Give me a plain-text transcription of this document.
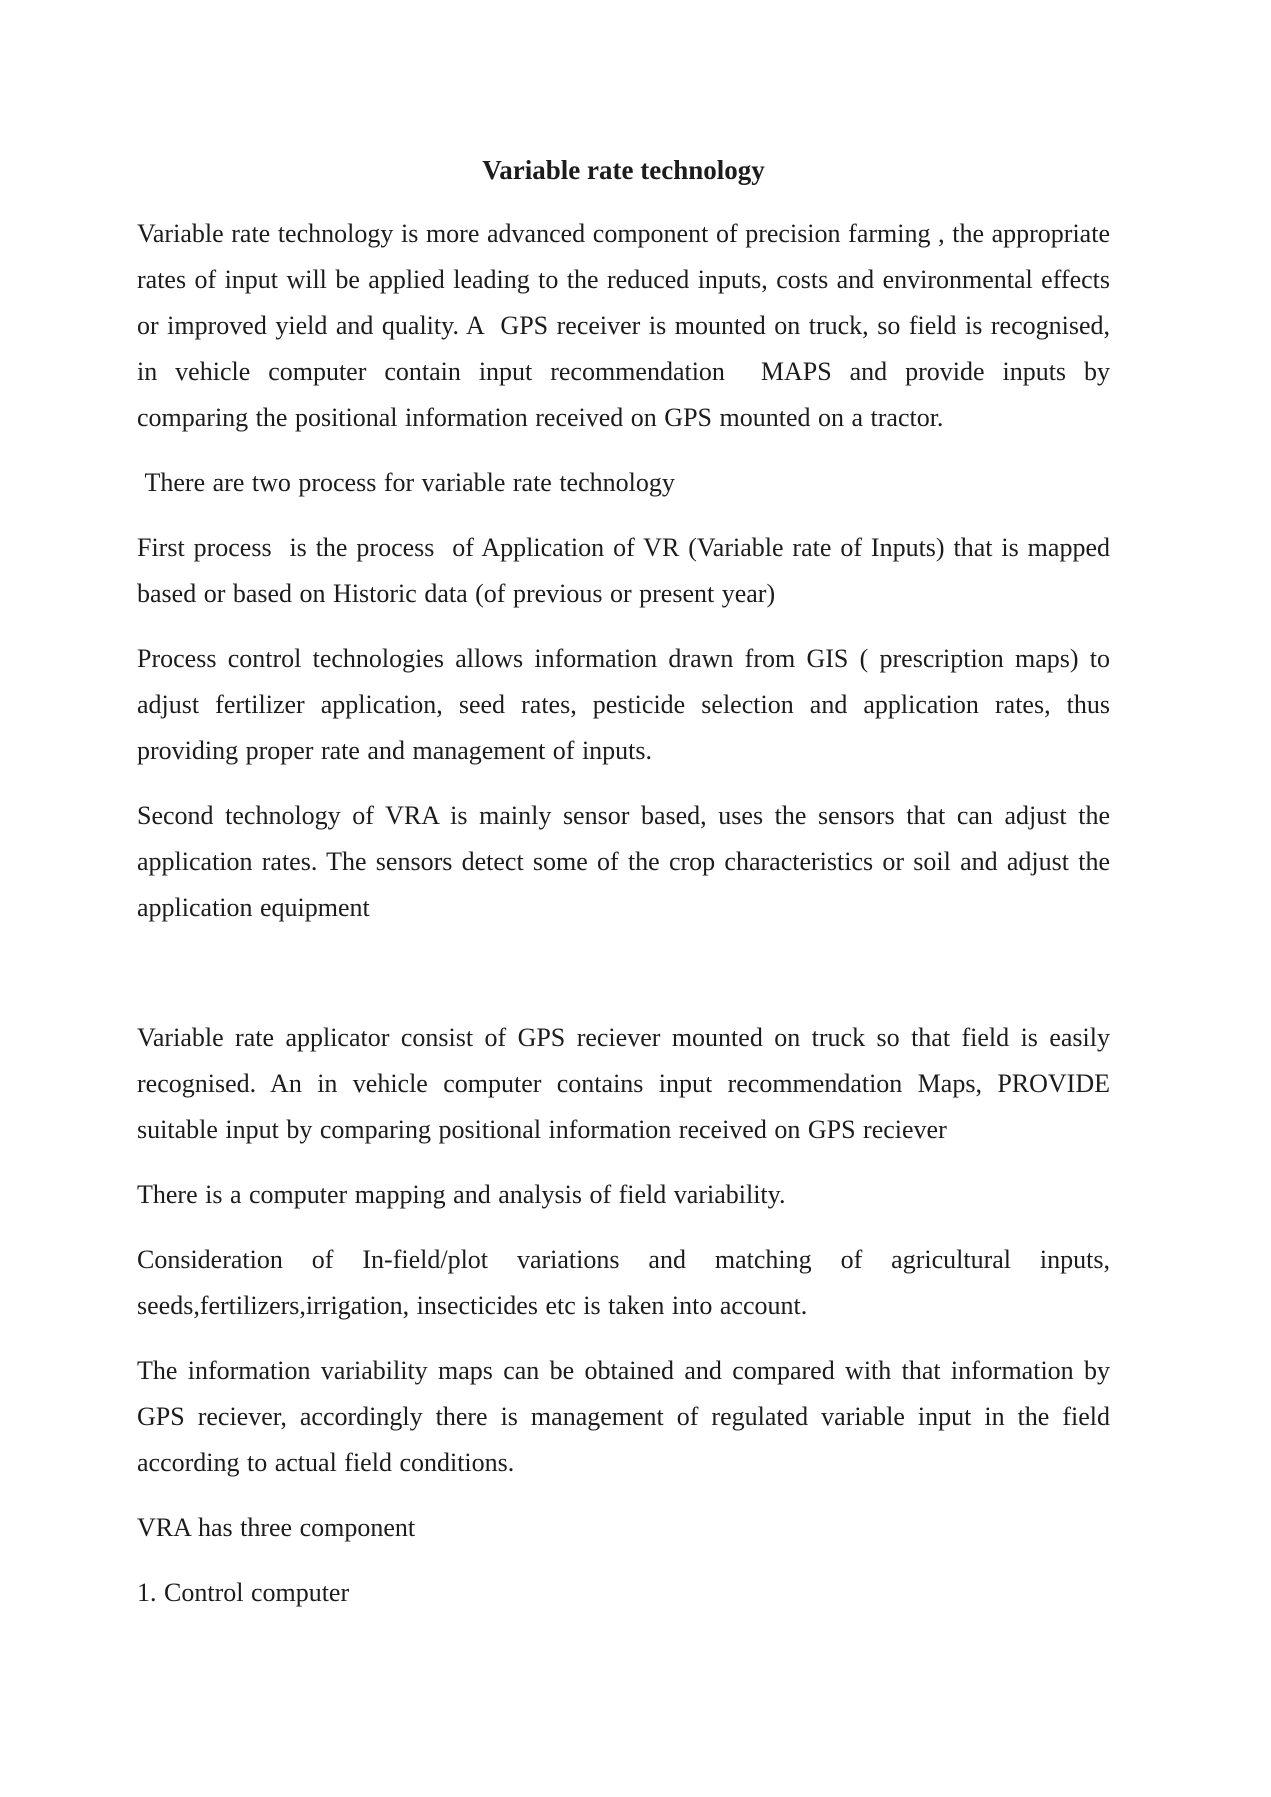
Variable rate technology

Variable rate technology is more advanced component of precision farming , the appropriate rates of input will be applied leading to the reduced inputs, costs and environmental effects or improved yield and quality. A  GPS receiver is mounted on truck, so field is recognised, in vehicle computer contain input recommendation  MAPS and provide inputs by comparing the positional information received on GPS mounted on a tractor.

There are two process for variable rate technology

First process  is the process  of Application of VR (Variable rate of Inputs) that is mapped based or based on Historic data (of previous or present year)

Process control technologies allows information drawn from GIS ( prescription maps) to adjust fertilizer application, seed rates, pesticide selection and application rates, thus providing proper rate and management of inputs.

Second technology of VRA is mainly sensor based, uses the sensors that can adjust the application rates. The sensors detect some of the crop characteristics or soil and adjust the application equipment

Variable rate applicator consist of GPS reciever mounted on truck so that field is easily recognised. An in vehicle computer contains input recommendation Maps, PROVIDE suitable input by comparing positional information received on GPS reciever

There is a computer mapping and analysis of field variability.

Consideration of In-field/plot variations and matching of agricultural inputs, seeds,fertilizers,irrigation, insecticides etc is taken into account.

The information variability maps can be obtained and compared with that information by GPS reciever, accordingly there is management of regulated variable input in the field according to actual field conditions.

VRA has three component

1. Control computer
